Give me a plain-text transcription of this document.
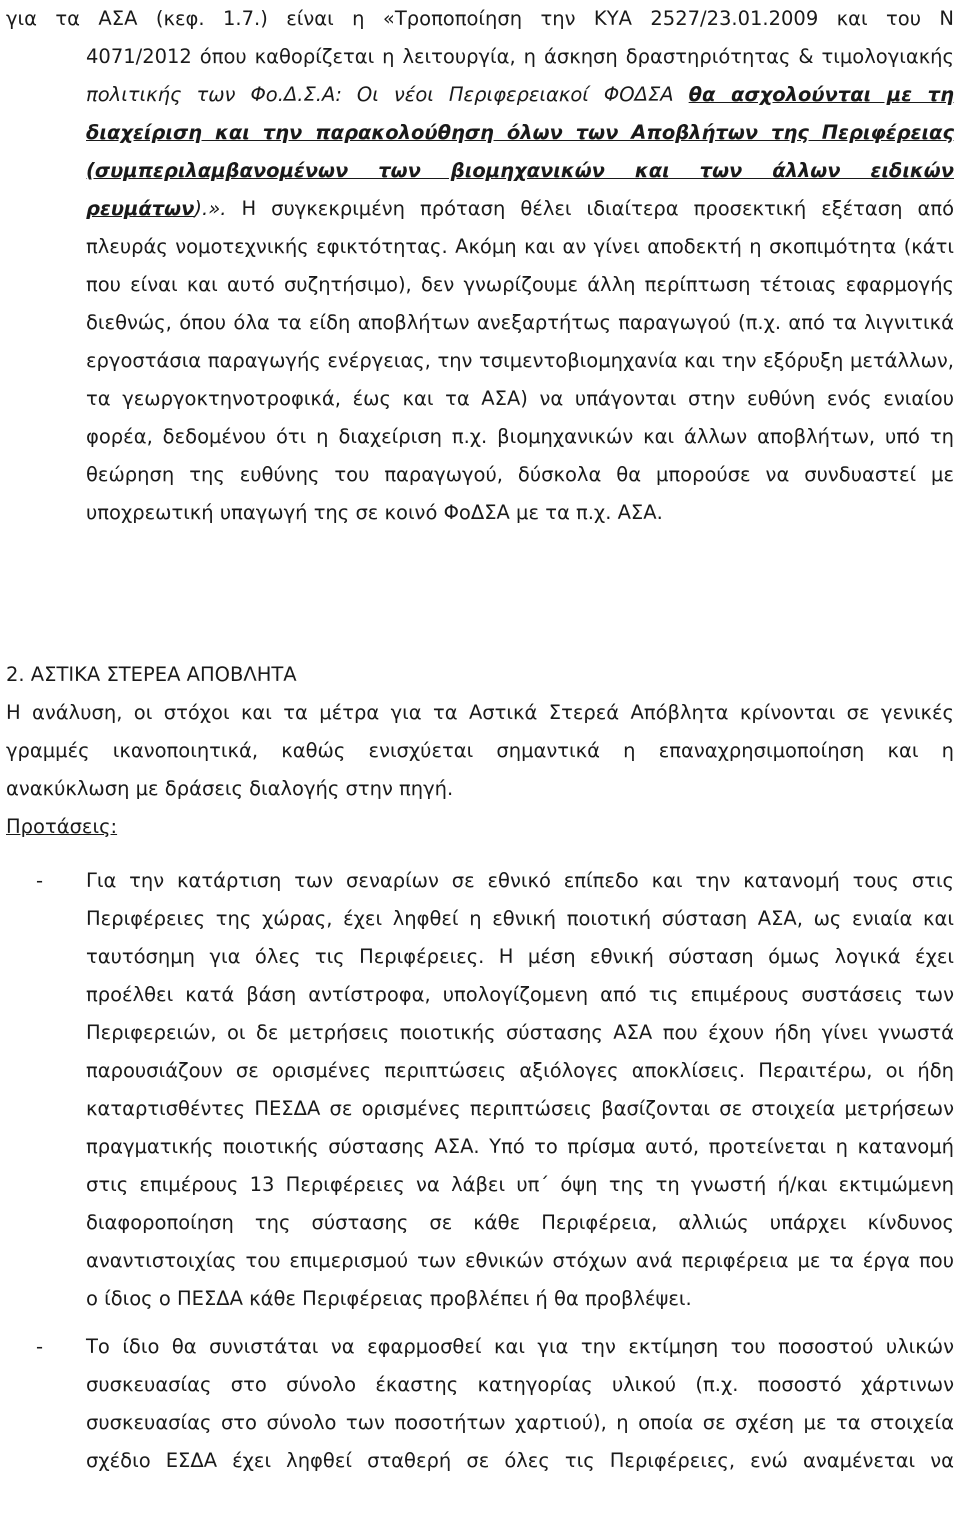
για τα ΑΣΑ (κεφ. 1.7.) είναι η «Τροποποίηση την ΚΥΑ 2527/23.01.2009 και του Ν
4071/2012 όπου καθορίζεται η λειτουργία, η άσκηση δραστηριότητας & τιμολογιακής
πολιτικής των Φο.Δ.Σ.Α: Οι νέοι Περιφερειακοί ΦΟΔΣΑ θα ασχολούνται με τη
διαχείριση και την παρακολούθηση όλων των Αποβλήτων της Περιφέρειας
(συμπεριλαμβανομένων των βιομηχανικών και των άλλων ειδικών
ρευμάτων).». Η συγκεκριμένη πρόταση θέλει ιδιαίτερα προσεκτική εξέταση από
πλευράς νομοτεχνικής εφικτότητας. Ακόμη και αν γίνει αποδεκτή η σκοπιμότητα (κάτι
που είναι και αυτό συζητήσιμο), δεν γνωρίζουμε άλλη περίπτωση τέτοιας εφαρμογής
διεθνώς, όπου όλα τα είδη αποβλήτων ανεξαρτήτως παραγωγού (π.χ. από τα λιγνιτικά
εργοστάσια παραγωγής ενέργειας, την τσιμεντοβιομηχανία και την εξόρυξη μετάλλων,
τα γεωργοκτηνοτροφικά, έως και τα ΑΣΑ) να υπάγονται στην ευθύνη ενός ενιαίου
φορέα, δεδομένου ότι η διαχείριση π.χ. βιομηχανικών και άλλων αποβλήτων, υπό τη
θεώρηση της ευθύνης του παραγωγού, δύσκολα θα μπορούσε να συνδυαστεί με
υποχρεωτική υπαγωγή της σε κοινό ΦοΔΣΑ με τα π.χ. ΑΣΑ.
2. ΑΣΤΙΚΑ ΣΤΕΡΕΑ ΑΠΟΒΛΗΤΑ
Η ανάλυση, οι στόχοι και τα μέτρα για τα Αστικά Στερεά Απόβλητα κρίνονται σε γενικές
γραμμές ικανοποιητικά, καθώς ενισχύεται σημαντικά η επαναχρησιμοποίηση και η
ανακύκλωση με δράσεις διαλογής στην πηγή.
Προτάσεις:
- Για την κατάρτιση των σεναρίων σε εθνικό επίπεδο και την κατανομή τους στις
Περιφέρειες της χώρας, έχει ληφθεί η εθνική ποιοτική σύσταση ΑΣΑ, ως ενιαία και
ταυτόσημη για όλες τις Περιφέρειες. Η μέση εθνική σύσταση όμως λογικά έχει
προέλθει κατά βάση αντίστροφα, υπολογίζομενη από τις επιμέρους συστάσεις των
Περιφερειών, οι δε μετρήσεις ποιοτικής σύστασης ΑΣΑ που έχουν ήδη γίνει γνωστά
παρουσιάζουν σε ορισμένες περιπτώσεις αξιόλογες αποκλίσεις. Περαιτέρω, οι ήδη
καταρτισθέντες ΠΕΣΔΑ σε ορισμένες περιπτώσεις βασίζονται σε στοιχεία μετρήσεων
πραγματικής ποιοτικής σύστασης ΑΣΑ. Υπό το πρίσμα αυτό, προτείνεται η κατανομή
στις επιμέρους 13 Περιφέρειες να λάβει υπ΄ όψη της τη γνωστή ή/και εκτιμώμενη
διαφοροποίηση της σύστασης σε κάθε Περιφέρεια, αλλιώς υπάρχει κίνδυνος
αναντιστοιχίας του επιμερισμού των εθνικών στόχων ανά περιφέρεια με τα έργα που
ο ίδιος ο ΠΕΣΔΑ κάθε Περιφέρειας προβλέπει ή θα προβλέψει.
- Το ίδιο θα συνιστάται να εφαρμοσθεί και για την εκτίμηση του ποσοστού υλικών
συσκευασίας στο σύνολο έκαστης κατηγορίας υλικού (π.χ. ποσοστό χάρτινων
συσκευασίας στο σύνολο των ποσοτήτων χαρτιού), η οποία σε σχέση με τα στοιχεία
σχέδιο ΕΣΔΑ έχει ληφθεί σταθερή σε όλες τις Περιφέρειες, ενώ αναμένεται να
